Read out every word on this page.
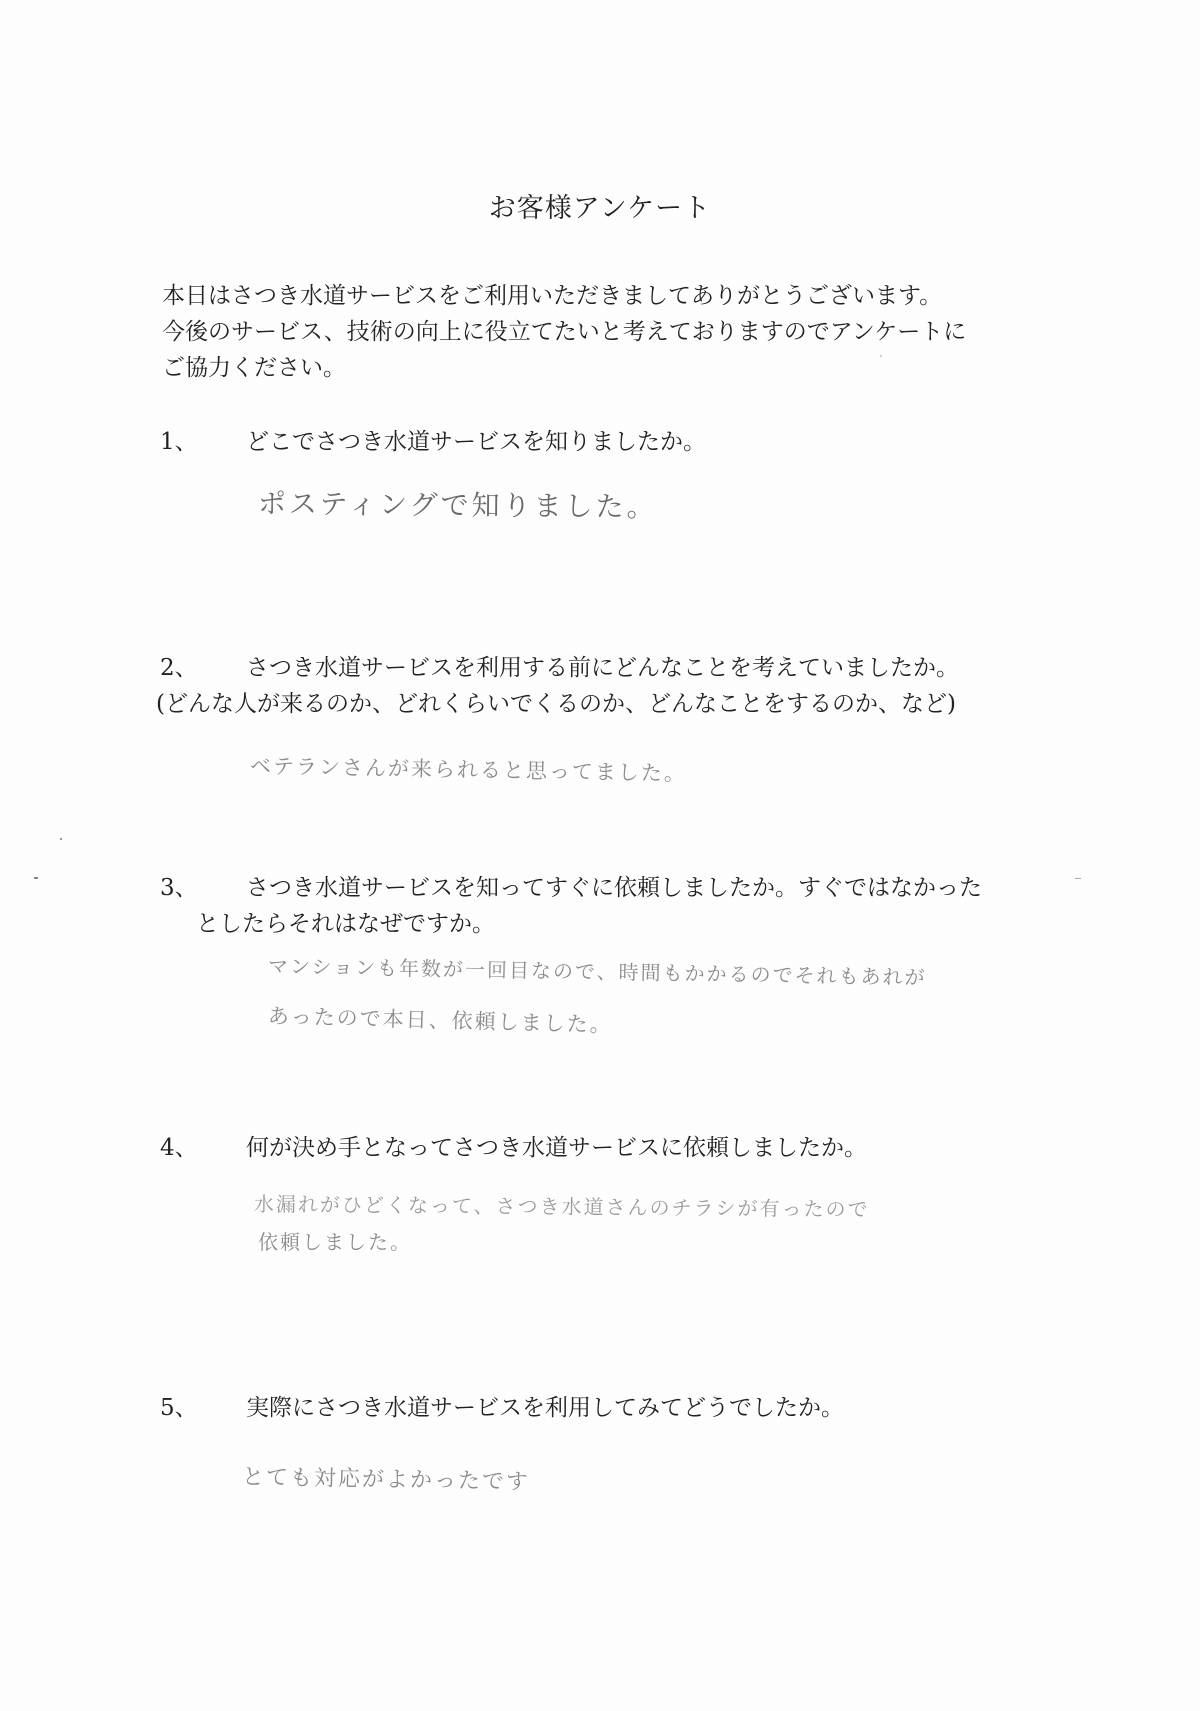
お客様アンケート

本日はさつき水道サービスをご利用いただきましてありがとうございます。

今後のサービス、技術の向上に役立てたいと考えておりますのでアンケートに

ご協力ください。

1、 どこでさつき水道サービスを知りましたか。
ポスティングで知りました。
2、 さつき水道サービスを利用する前にどんなことを考えていましたか。
(どんな人が来るのか、どれくらいでくるのか、どんなことをするのか、など)
ベテランさんが来られると思ってました。
3、 さつき水道サービスを知ってすぐに依頼しましたか。すぐではなかった
としたらそれはなぜですか。
マンションも年数が一回目なので、時間もかかるのでそれもあれが
あったので本日、依頼しました。
4、 何が決め手となってさつき水道サービスに依頼しましたか。
水漏れがひどくなって、さつき水道さんのチラシが有ったので
依頼しました。
5、 実際にさつき水道サービスを利用してみてどうでしたか。
とても対応がよかったです
